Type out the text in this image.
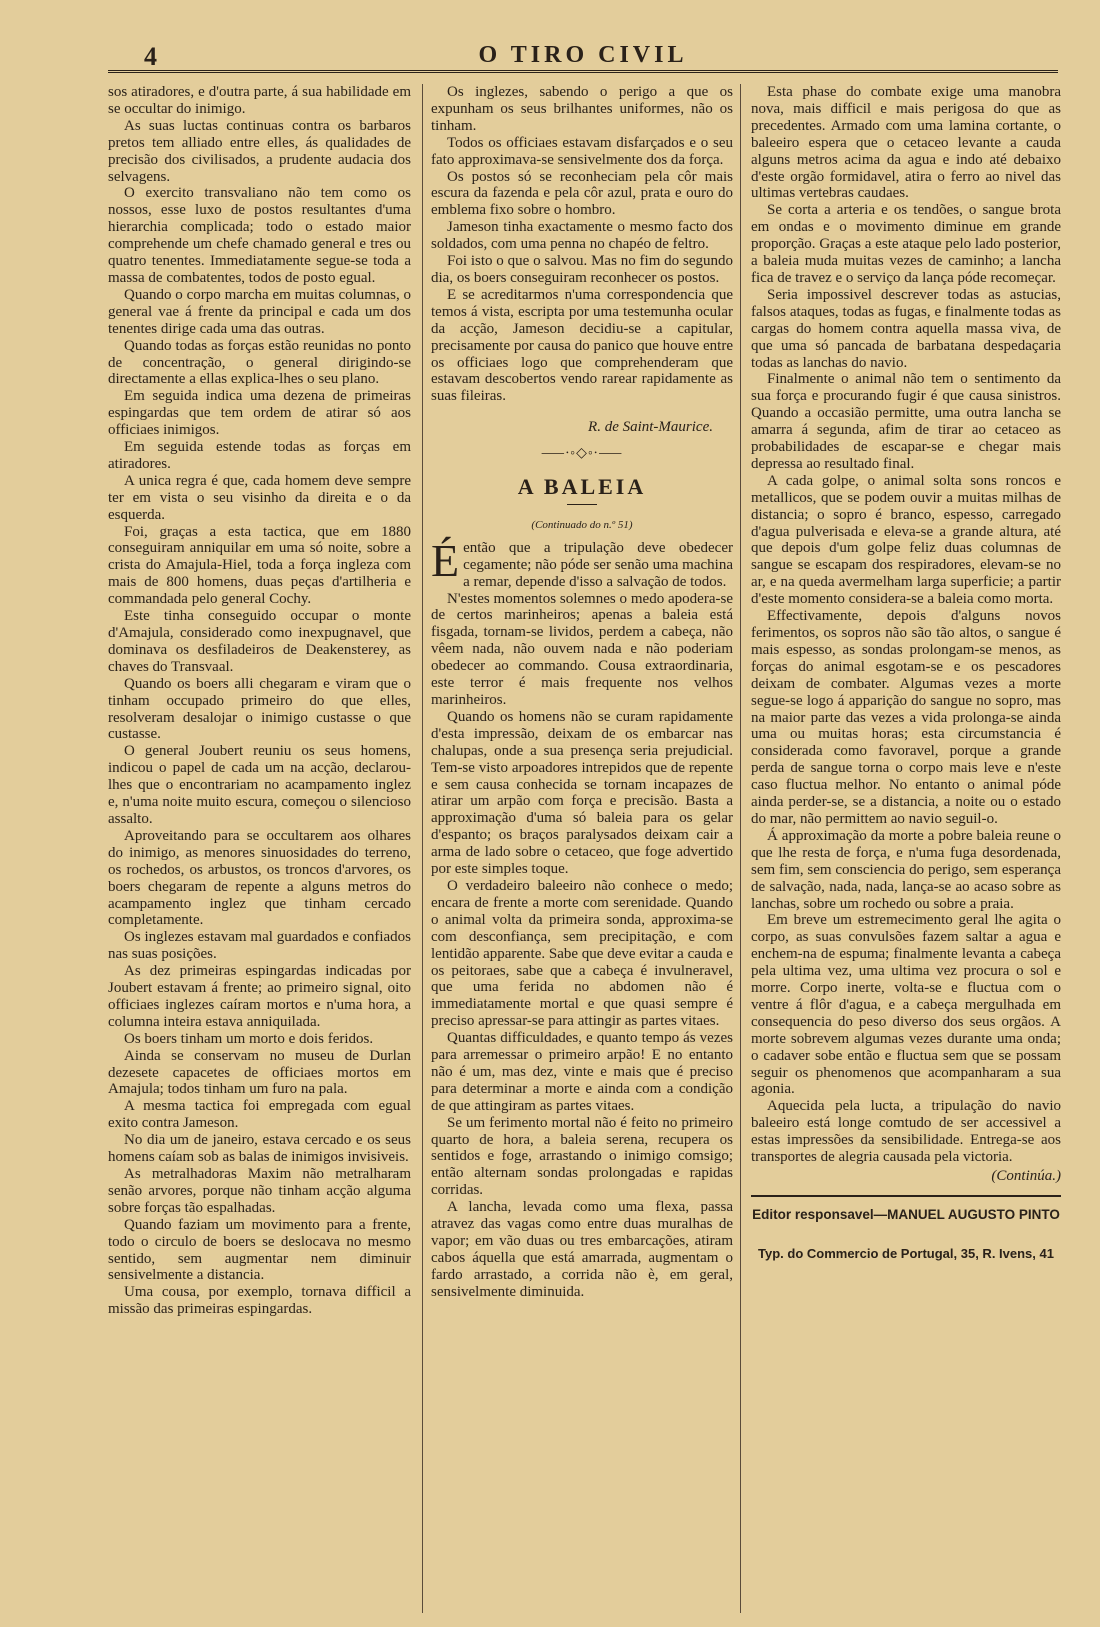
4	O TIRO CIVIL

sos atiradores, e d'outra parte, á sua habilidade em se occultar do inimigo.

As suas luctas continuas contra os barbaros pretos tem alliado entre elles, ás qualidades de precisão dos civilisados, a prudente audacia dos selvagens.

O exercito transvaliano não tem como os nossos, esse luxo de postos resultantes d'uma hierarchia complicada; todo o estado maior comprehende um chefe chamado general e tres ou quatro tenentes. Immediatamente segue-se toda a massa de combatentes, todos de posto egual.

Quando o corpo marcha em muitas columnas, o general vae á frente da principal e cada um dos tenentes dirige cada uma das outras.

Quando todas as forças estão reunidas no ponto de concentração, o general dirigindo-se directamente a ellas explica-lhes o seu plano.

Em seguida indica uma dezena de primeiras espingardas que tem ordem de atirar só aos officiaes inimigos.

Em seguida estende todas as forças em atiradores.

A unica regra é que, cada homem deve sempre ter em vista o seu visinho da direita e o da esquerda.

Foi, graças a esta tactica, que em 1880 conseguiram anniquilar em uma só noite, sobre a crista do Amajula-Hiel, toda a força ingleza com mais de 800 homens, duas peças d'artilheria e commandada pelo general Cochy.

Este tinha conseguido occupar o monte d'Amajula, considerado como inexpugnavel, que dominava os desfiladeiros de Deakensterey, as chaves do Transvaal.

Quando os boers alli chegaram e viram que o tinham occupado primeiro do que elles, resolveram desalojar o inimigo custasse o que custasse.

O general Joubert reuniu os seus homens, indicou o papel de cada um na acção, declarou-lhes que o encontrariam no acampamento inglez e, n'uma noite muito escura, começou o silencioso assalto.

Aproveitando para se occultarem aos olhares do inimigo, as menores sinuosidades do terreno, os rochedos, os arbustos, os troncos d'arvores, os boers chegaram de repente a alguns metros do acampamento inglez que tinham cercado completamente.

Os inglezes estavam mal guardados e confiados nas suas posições.

As dez primeiras espingardas indicadas por Joubert estavam á frente; ao primeiro signal, oito officiaes inglezes caíram mortos e n'uma hora, a columna inteira estava anniquilada.

Os boers tinham um morto e dois feridos.

Ainda se conservam no museu de Durlan dezesete capacetes de officiaes mortos em Amajula; todos tinham um furo na pala.

A mesma tactica foi empregada com egual exito contra Jameson.

No dia um de janeiro, estava cercado e os seus homens caíam sob as balas de inimigos invisiveis.

As metralhadoras Maxim não metralharam senão arvores, porque não tinham acção alguma sobre forças tão espalhadas.

Quando faziam um movimento para a frente, todo o circulo de boers se deslocava no mesmo sentido, sem augmentar nem diminuir sensivelmente a distancia.

Uma cousa, por exemplo, tornava difficil a missão das primeiras espingardas.

Os inglezes, sabendo o perigo a que os expunham os seus brilhantes uniformes, não os tinham.

Todos os officiaes estavam disfarçados e o seu fato approximava-se sensivelmente dos da força.

Os postos só se reconheciam pela côr mais escura da fazenda e pela côr azul, prata e ouro do emblema fixo sobre o hombro.

Jameson tinha exactamente o mesmo facto dos soldados, com uma penna no chapéo de feltro.

Foi isto o que o salvou. Mas no fim do segundo dia, os boers conseguiram reconhecer os postos.

E se acreditarmos n'uma correspondencia que temos á vista, escripta por uma testemunha ocular da acção, Jameson decidiu-se a capitular, precisamente por causa do panico que houve entre os officiaes logo que comprehenderam que estavam descobertos vendo rarear rapidamente as suas fileiras.

R. de Saint-Maurice.
⸺∙◦◇◦∙⸺
A BALEIA
(Continuado do n.º 51)

Éentão que a tripulação deve obedecer cegamente; não póde ser senão uma machina a remar, depende d'isso a salvação de todos.

N'estes momentos solemnes o medo apodera-se de certos marinheiros; apenas a baleia está fisgada, tornam-se lividos, perdem a cabeça, não vêem nada, não ouvem nada e não poderiam obedecer ao commando. Cousa extraordinaria, este terror é mais frequente nos velhos marinheiros.

Quando os homens não se curam rapidamente d'esta impressão, deixam de os embarcar nas chalupas, onde a sua presença seria prejudicial. Tem-se visto arpoadores intrepidos que de repente e sem causa conhecida se tornam incapazes de atirar um arpão com força e precisão. Basta a approximação d'uma só baleia para os gelar d'espanto; os braços paralysados deixam cair a arma de lado sobre o cetaceo, que foge advertido por este simples toque.

O verdadeiro baleeiro não conhece o medo; encara de frente a morte com serenidade. Quando o animal volta da primeira sonda, approxima-se com desconfiança, sem precipitação, e com lentidão apparente. Sabe que deve evitar a cauda e os peitoraes, sabe que a cabeça é invulneravel, que uma ferida no abdomen não é immediatamente mortal e que quasi sempre é preciso apressar-se para attingir as partes vitaes.

Quantas difficuldades, e quanto tempo ás vezes para arremessar o primeiro arpão! E no entanto não é um, mas dez, vinte e mais que é preciso para determinar a morte e ainda com a condição de que attingiram as partes vitaes.

Se um ferimento mortal não é feito no primeiro quarto de hora, a baleia serena, recupera os sentidos e foge, arrastando o inimigo comsigo; então alternam sondas prolongadas e rapidas corridas.

A lancha, levada como uma flexa, passa atravez das vagas como entre duas muralhas de vapor; em vão duas ou tres embarcações, atiram cabos áquella que está amarrada, augmentam o fardo arrastado, a corrida não è, em geral, sensivelmente diminuida.

Esta phase do combate exige uma manobra nova, mais difficil e mais perigosa do que as precedentes. Armado com uma lamina cortante, o baleeiro espera que o cetaceo levante a cauda alguns metros acima da agua e indo até debaixo d'este orgão formidavel, atira o ferro ao nivel das ultimas vertebras caudaes.

Se corta a arteria e os tendões, o sangue brota em ondas e o movimento diminue em grande proporção. Graças a este ataque pelo lado posterior, a baleia muda muitas vezes de caminho; a lancha fica de travez e o serviço da lança póde recomeçar.

Seria impossivel descrever todas as astucias, falsos ataques, todas as fugas, e finalmente todas as cargas do homem contra aquella massa viva, de que uma só pancada de barbatana despedaçaria todas as lanchas do navio.

Finalmente o animal não tem o sentimento da sua força e procurando fugir é que causa sinistros. Quando a occasião permitte, uma outra lancha se amarra á segunda, afim de tirar ao cetaceo as probabilidades de escapar-se e chegar mais depressa ao resultado final.

A cada golpe, o animal solta sons roncos e metallicos, que se podem ouvir a muitas milhas de distancia; o sopro é branco, espesso, carregado d'agua pulverisada e eleva-se a grande altura, até que depois d'um golpe feliz duas columnas de sangue se escapam dos respiradores, elevam-se no ar, e na queda avermelham larga superficie; a partir d'este momento considera-se a baleia como morta.

Effectivamente, depois d'alguns novos ferimentos, os sopros não são tão altos, o sangue é mais espesso, as sondas prolongam-se menos, as forças do animal esgotam-se e os pescadores deixam de combater. Algumas vezes a morte segue-se logo á apparição do sangue no sopro, mas na maior parte das vezes a vida prolonga-se ainda uma ou muitas horas; esta circumstancia é considerada como favoravel, porque a grande perda de sangue torna o corpo mais leve e n'este caso fluctua melhor. No entanto o animal póde ainda perder-se, se a distancia, a noite ou o estado do mar, não permittem ao navio seguil-o.

Á approximação da morte a pobre baleia reune o que lhe resta de força, e n'uma fuga desordenada, sem fim, sem consciencia do perigo, sem esperança de salvação, nada, nada, lança-se ao acaso sobre as lanchas, sobre um rochedo ou sobre a praia.

Em breve um estremecimento geral lhe agita o corpo, as suas convulsões fazem saltar a agua e enchem-na de espuma; finalmente levanta a cabeça pela ultima vez, uma ultima vez procura o sol e morre. Corpo inerte, volta-se e fluctua com o ventre á flôr d'agua, e a cabeça mergulhada em consequencia do peso diverso dos seus orgãos. A morte sobrevem algumas vezes durante uma onda; o cadaver sobe então e fluctua sem que se possam seguir os phenomenos que acompanharam a sua agonia.

Aquecida pela lucta, a tripulação do navio baleeiro está longe comtudo de ser accessivel a estas impressões da sensibilidade. Entrega-se aos transportes de alegria causada pela victoria.

(Continúa.)
Editor responsavel—MANUEL AUGUSTO PINTO
Typ. do Commercio de Portugal, 35, R. Ivens, 41
